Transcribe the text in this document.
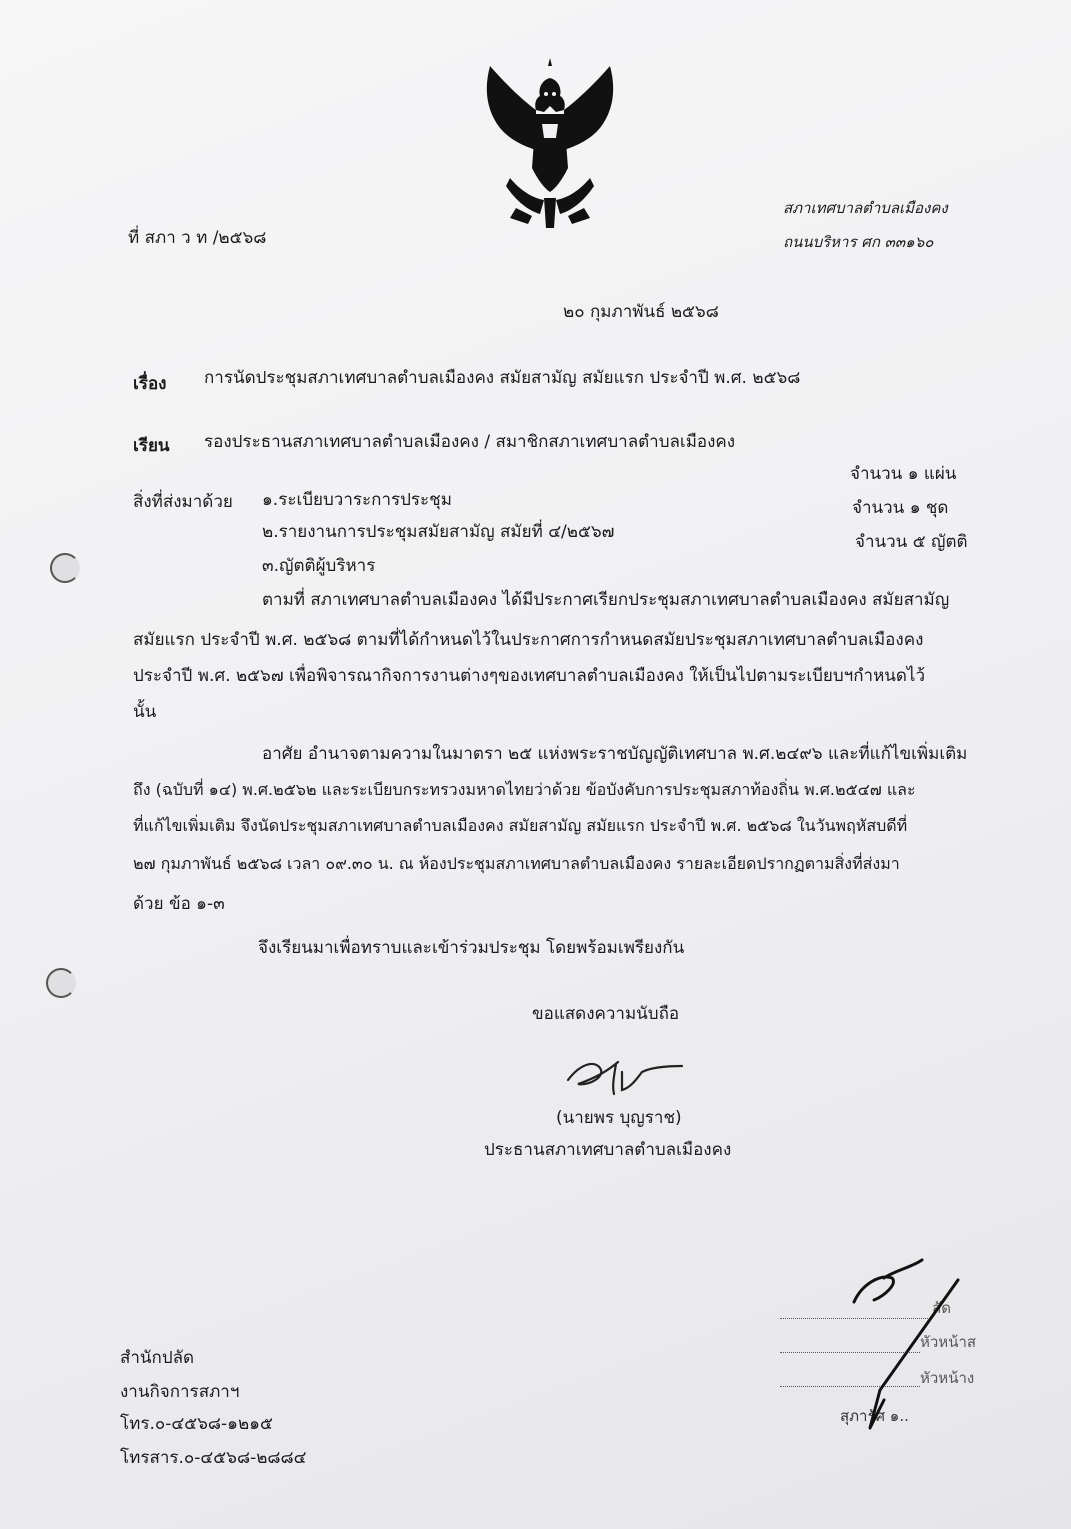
ที่ สภา ว ท /๒๕๖๘
สภาเทศบาลตำบลเมืองคง
ถนนบริหาร ศก ๓๓๑๖๐
๒๐ กุมภาพันธ์ ๒๕๖๘
เรื่อง การนัดประชุมสภาเทศบาลตำบลเมืองคง สมัยสามัญ สมัยแรก ประจำปี พ.ศ. ๒๕๖๘
เรียน รองประธานสภาเทศบาลตำบลเมืองคง / สมาชิกสภาเทศบาลตำบลเมืองคง
สิ่งที่ส่งมาด้วย ๑.ระเบียบวาระการประชุม
๒.รายงานการประชุมสมัยสามัญ สมัยที่ ๔/๒๕๖๗
๓.ญัตติผู้บริหาร
จำนวน ๑ แผ่น
จำนวน ๑ ชุด
จำนวน ๕ ญัตติ
ตามที่ สภาเทศบาลตำบลเมืองคง ได้มีประกาศเรียกประชุมสภาเทศบาลตำบลเมืองคง สมัยสามัญ
สมัยแรก ประจำปี พ.ศ. ๒๕๖๘ ตามที่ได้กำหนดไว้ในประกาศการกำหนดสมัยประชุมสภาเทศบาลตำบลเมืองคง
ประจำปี พ.ศ. ๒๕๖๗ เพื่อพิจารณากิจการงานต่างๆของเทศบาลตำบลเมืองคง ให้เป็นไปตามระเบียบฯกำหนดไว้
นั้น
อาศัย อำนาจตามความในมาตรา ๒๕ แห่งพระราชบัญญัติเทศบาล พ.ศ.๒๔๙๖ และที่แก้ไขเพิ่มเติม
ถึง (ฉบับที่ ๑๔) พ.ศ.๒๕๖๒ และระเบียบกระทรวงมหาดไทยว่าด้วย ข้อบังคับการประชุมสภาท้องถิ่น พ.ศ.๒๕๔๗ และ
ที่แก้ไขเพิ่มเติม จึงนัดประชุมสภาเทศบาลตำบลเมืองคง สมัยสามัญ สมัยแรก ประจำปี พ.ศ. ๒๕๖๘ ในวันพฤหัสบดีที่
๒๗ กุมภาพันธ์ ๒๕๖๘ เวลา ๐๙.๓๐ น. ณ ห้องประชุมสภาเทศบาลตำบลเมืองคง รายละเอียดปรากฏตามสิ่งที่ส่งมา
ด้วย ข้อ ๑-๓
จึงเรียนมาเพื่อทราบและเข้าร่วมประชุม โดยพร้อมเพรียงกัน
ขอแสดงความนับถือ
(นายพร บุญราช)
ประธานสภาเทศบาลตำบลเมืองคง
สำนักปลัด
งานกิจการสภาฯ
โทร.๐-๔๕๖๘-๑๒๑๕
โทรสาร.๐-๔๕๖๘-๒๘๘๔
ลัด
หัวหน้าส
หัวหน้าง
สุภารัศ ๑..
